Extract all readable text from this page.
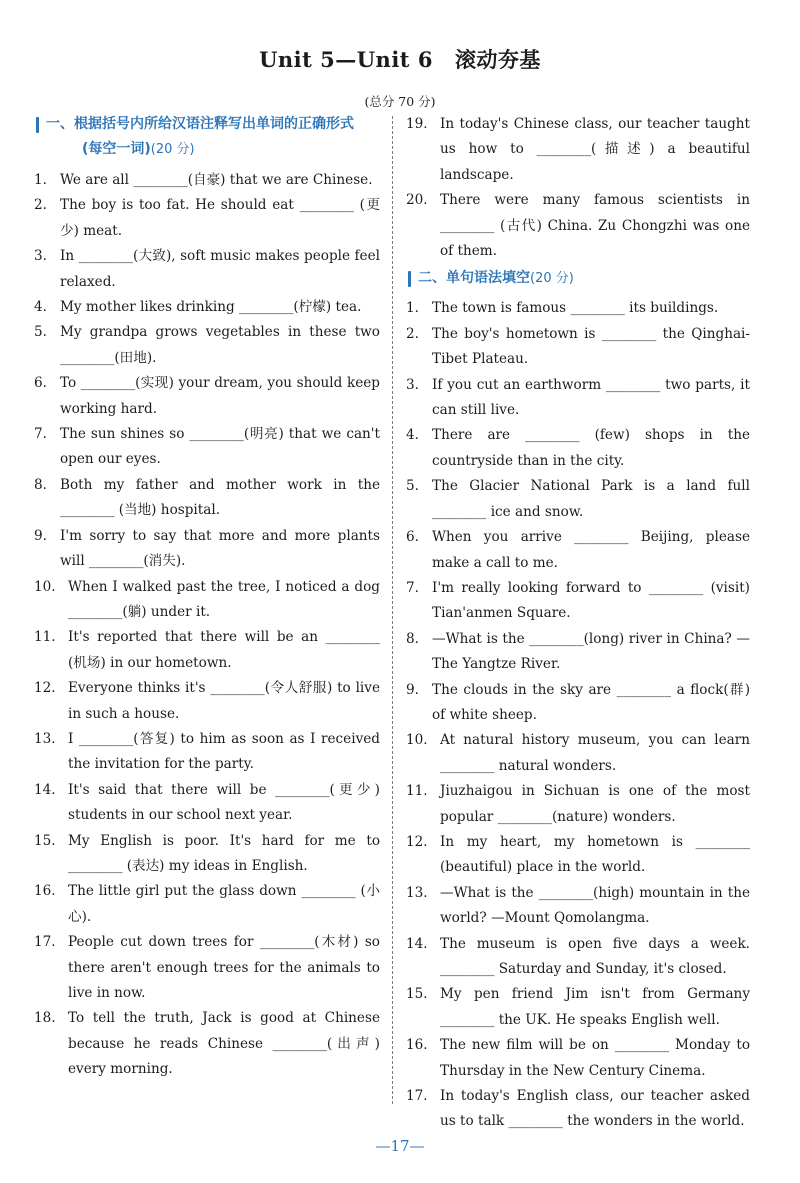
Unit 5—Unit 6 滚动夯基
(总分 70 分)
一、根据括号内所给汉语注释写出单词的正确形式
(每空一词)(20 分)
1. We are all ________(自豪) that we are Chinese.
2. The boy is too fat. He should eat ________ (更少) meat.
3. In ________(大致), soft music makes people feel relaxed.
4. My mother likes drinking ________(柠檬) tea.
5. My grandpa grows vegetables in these two ________(田地).
6. To ________(实现) your dream, you should keep working hard.
7. The sun shines so ________(明亮) that we can't open our eyes.
8. Both my father and mother work in the ________ (当地) hospital.
9. I'm sorry to say that more and more plants will ________(消失).
10. When I walked past the tree, I noticed a dog ________(躺) under it.
11. It's reported that there will be an ________ (机场) in our hometown.
12. Everyone thinks it's ________(令人舒服) to live in such a house.
13. I ________(答复) to him as soon as I received the invitation for the party.
14. It's said that there will be ________(更少) students in our school next year.
15. My English is poor. It's hard for me to ________ (表达) my ideas in English.
16. The little girl put the glass down ________ (小心).
17. People cut down trees for ________(木材) so there aren't enough trees for the animals to live in now.
18. To tell the truth, Jack is good at Chinese because he reads Chinese ________(出声) every morning.
19. In today's Chinese class, our teacher taught us how to ________(描述) a beautiful landscape.
20. There were many famous scientists in ________ (古代) China. Zu Chongzhi was one of them.
二、单句语法填空(20 分)
1. The town is famous ________ its buildings.
2. The boy's hometown is ________ the Qinghai-Tibet Plateau.
3. If you cut an earthworm ________ two parts, it can still live.
4. There are ________ (few) shops in the countryside than in the city.
5. The Glacier National Park is a land full ________ ice and snow.
6. When you arrive ________ Beijing, please make a call to me.
7. I'm really looking forward to ________ (visit) Tian'anmen Square.
8. —What is the ________(long) river in China? —The Yangtze River.
9. The clouds in the sky are ________ a flock(群) of white sheep.
10. At natural history museum, you can learn ________ natural wonders.
11. Jiuzhaigou in Sichuan is one of the most popular ________(nature) wonders.
12. In my heart, my hometown is ________ (beautiful) place in the world.
13. —What is the ________(high) mountain in the world? —Mount Qomolangma.
14. The museum is open five days a week. ________ Saturday and Sunday, it's closed.
15. My pen friend Jim isn't from Germany ________ the UK. He speaks English well.
16. The new film will be on ________ Monday to Thursday in the New Century Cinema.
17. In today's English class, our teacher asked us to talk ________ the wonders in the world.
—17—
